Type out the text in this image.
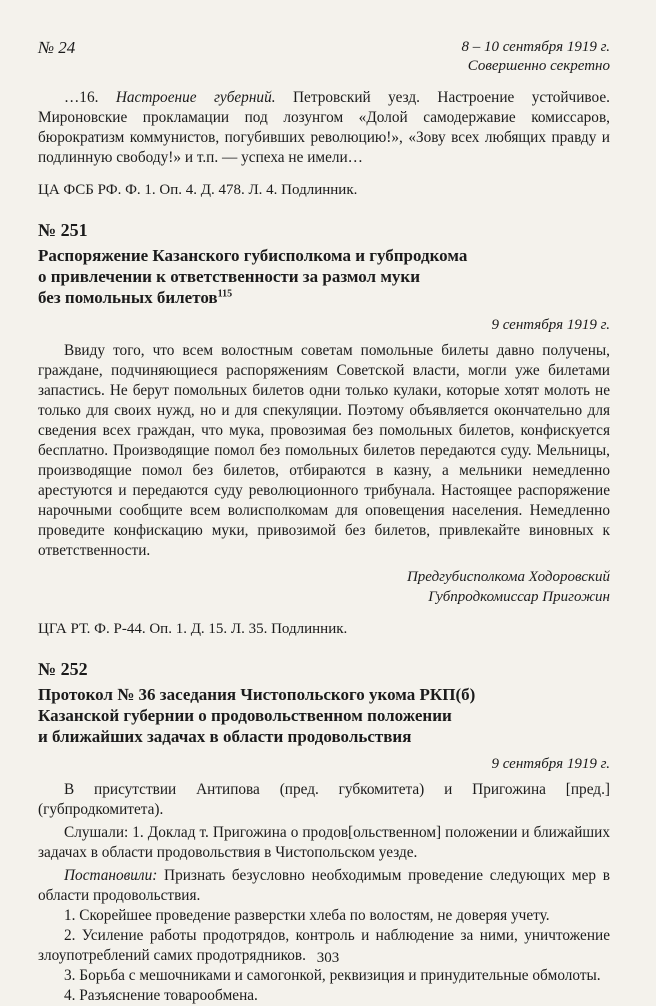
№ 24	8 – 10 сентября 1919 г.
Совершенно секретно

…16. Настроение губерний. Петровский уезд. Настроение устойчивое. Мироновские прокламации под лозунгом «Долой самодержавие комиссаров, бюрократизм коммунистов, погубивших революцию!», «Зову всех любящих правду и подлинную свободу!» и т.п. — успеха не имели…

ЦА ФСБ РФ. Ф. 1. Оп. 4. Д. 478. Л. 4. Подлинник.

№ 251
Распоряжение Казанского губисполкома и губпродкома
о привлечении к ответственности за размол муки
без помольных билетов$^{115}$
9 сентября 1919 г.

Ввиду того, что всем волостным советам помольные билеты давно получены, граждане, подчиняющиеся распоряжениям Советской власти, могли уже билетами запастись. Не берут помольных билетов одни только кулаки, которые хотят молоть не только для своих нужд, но и для спекуляции. Поэтому объявляется окончательно для сведения всех граждан, что мука, провозимая без помольных билетов, конфискуется бесплатно. Производящие помол без помольных билетов передаются суду. Мельницы, производящие помол без билетов, отбираются в казну, а мельники немедленно арестуются и передаются суду революционного трибунала. Настоящее распоряжение нарочными сообщите всем волисполкомам для оповещения населения. Немедленно проведите конфискацию муки, привозимой без билетов, привлекайте виновных к ответственности.

Предгубисполкома Ходоровский
Губпродкомиссар Пригожин

ЦГА РТ. Ф. Р-44. Оп. 1. Д. 15. Л. 35. Подлинник.

№ 252
Протокол № 36 заседания Чистопольского укома РКП(б)
Казанской губернии о продовольственном положении
и ближайших задачах в области продовольствия
9 сентября 1919 г.

В присутствии Антипова (пред. губкомитета) и Пригожина [пред.] (губпродкомитета).

Слушали: 1. Доклад т. Пригожина о продов[ольственном] положении и ближайших задачах в области продовольствия в Чистопольском уезде.

Постановили: Признать безусловно необходимым проведение следующих мер в области продовольствия.

1. Скорейшее проведение разверстки хлеба по волостям, не доверяя учету.

2. Усиление работы продотрядов, контроль и наблюдение за ними, уничтожение злоупотреблений самих продотрядников.

3. Борьба с мешочниками и самогонкой, реквизиция и принудительные обмолоты.

4. Разъяснение товарообмена.

303
